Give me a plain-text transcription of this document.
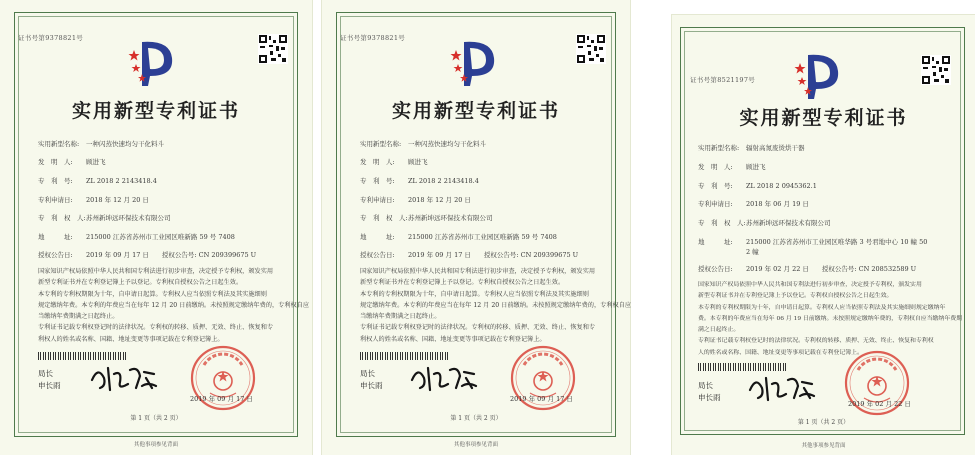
证书号第9378821号
实用新型专利证书
实用新型名称: 一种闪蒸快速均匀干化料斗
发　明　人: 顾进飞
专　利　号: ZL 2018 2 2143418.4
专利申请日: 2018 年 12 月 20 日
专　利　权　人:苏州新坤远环保技术有限公司
地　　　址: 215000 江苏省苏州市工业园区唯新路 59 号 7408
授权公告日: 2019 年 09 月 17 日　　授权公告号: CN 209399675 U
国家知识产权局依照中华人民共和国专利法进行初步审查，决定授予专利权，颁发实用
新型专利证书并在专利登记簿上予以登记。专利权自授权公告之日起生效。
本专利的专利权期限为十年，自申请日起算。专利权人应当依照专利法及其实施细则
规定缴纳年费。本专利的年费应当在每年 12 月 20 日前缴纳。未按照规定缴纳年费的，专利权自应
当缴纳年费期满之日起终止。
专利证书记载专利权登记时的法律状况。专利权的转移、质押、无效、终止、恢复和专
利权人的姓名或名称、国籍、地址变更等事项记载在专利登记簿上。
局长
申长雨
2019 年 09 月 17 日
第 1 页（共 2 页）
其他事项参见背面
证书号第9378821号
实用新型专利证书
实用新型名称: 一种闪蒸快速均匀干化料斗
发　明　人: 顾进飞
专　利　号: ZL 2018 2 2143418.4
专利申请日: 2018 年 12 月 20 日
专　利　权　人:苏州新坤远环保技术有限公司
地　　　址: 215000 江苏省苏州市工业园区唯新路 59 号 7408
授权公告日: 2019 年 09 月 17 日　　授权公告号: CN 209399675 U
国家知识产权局依照中华人民共和国专利法进行初步审查，决定授予专利权，颁发实用
新型专利证书并在专利登记簿上予以登记。专利权自授权公告之日起生效。
本专利的专利权期限为十年，自申请日起算。专利权人应当依照专利法及其实施细则
规定缴纳年费。本专利的年费应当在每年 12 月 20 日前缴纳。未按照规定缴纳年费的，专利权自应
当缴纳年费期满之日起终止。
专利证书记载专利权登记时的法律状况。专利权的转移、质押、无效、终止、恢复和专
利权人的姓名或名称、国籍、地址变更等事项记载在专利登记簿上。
局长
申长雨
2019 年 09 月 17 日
第 1 页（共 2 页）
其他事项参见背面
证书号第8521197号
实用新型专利证书
实用新型名称: 辐射高氮废烫烘干器
发　明　人: 顾进飞
专　利　号: ZL 2018 2 0945362.1
专利申请日: 2018 年 06 月 19 日
专　利　权　人:苏州新坤远环保技术有限公司
地　　　址: 215000 江苏省苏州市工业园区唯华路 3 号君地中心 10 幢 50
2 幢
授权公告日: 2019 年 02 月 22 日　　授权公告号: CN 208532589 U
国家知识产权局依照中华人民共和国专利法进行初步审查，决定授予专利权，颁发实用
新型专利证书并在专利登记簿上予以登记。专利权自授权公告之日起生效。
本专利的专利权期限为十年，自申请日起算。专利权人应当依照专利法及其实施细则规定缴纳年
费。本专利的年费应当在每年 06 月 19 日前缴纳。未按照规定缴纳年费的，专利权自应当缴纳年费期
满之日起终止。
专利证书记载专利权登记时的法律状况。专利权的转移、质押、无效、终止、恢复和专利权
人的姓名或名称、国籍、地址变更等事项记载在专利登记簿上。
局长
申长雨
2019 年 02 月 22 日
第 1 页（共 2 页）
其他事项参见背面
